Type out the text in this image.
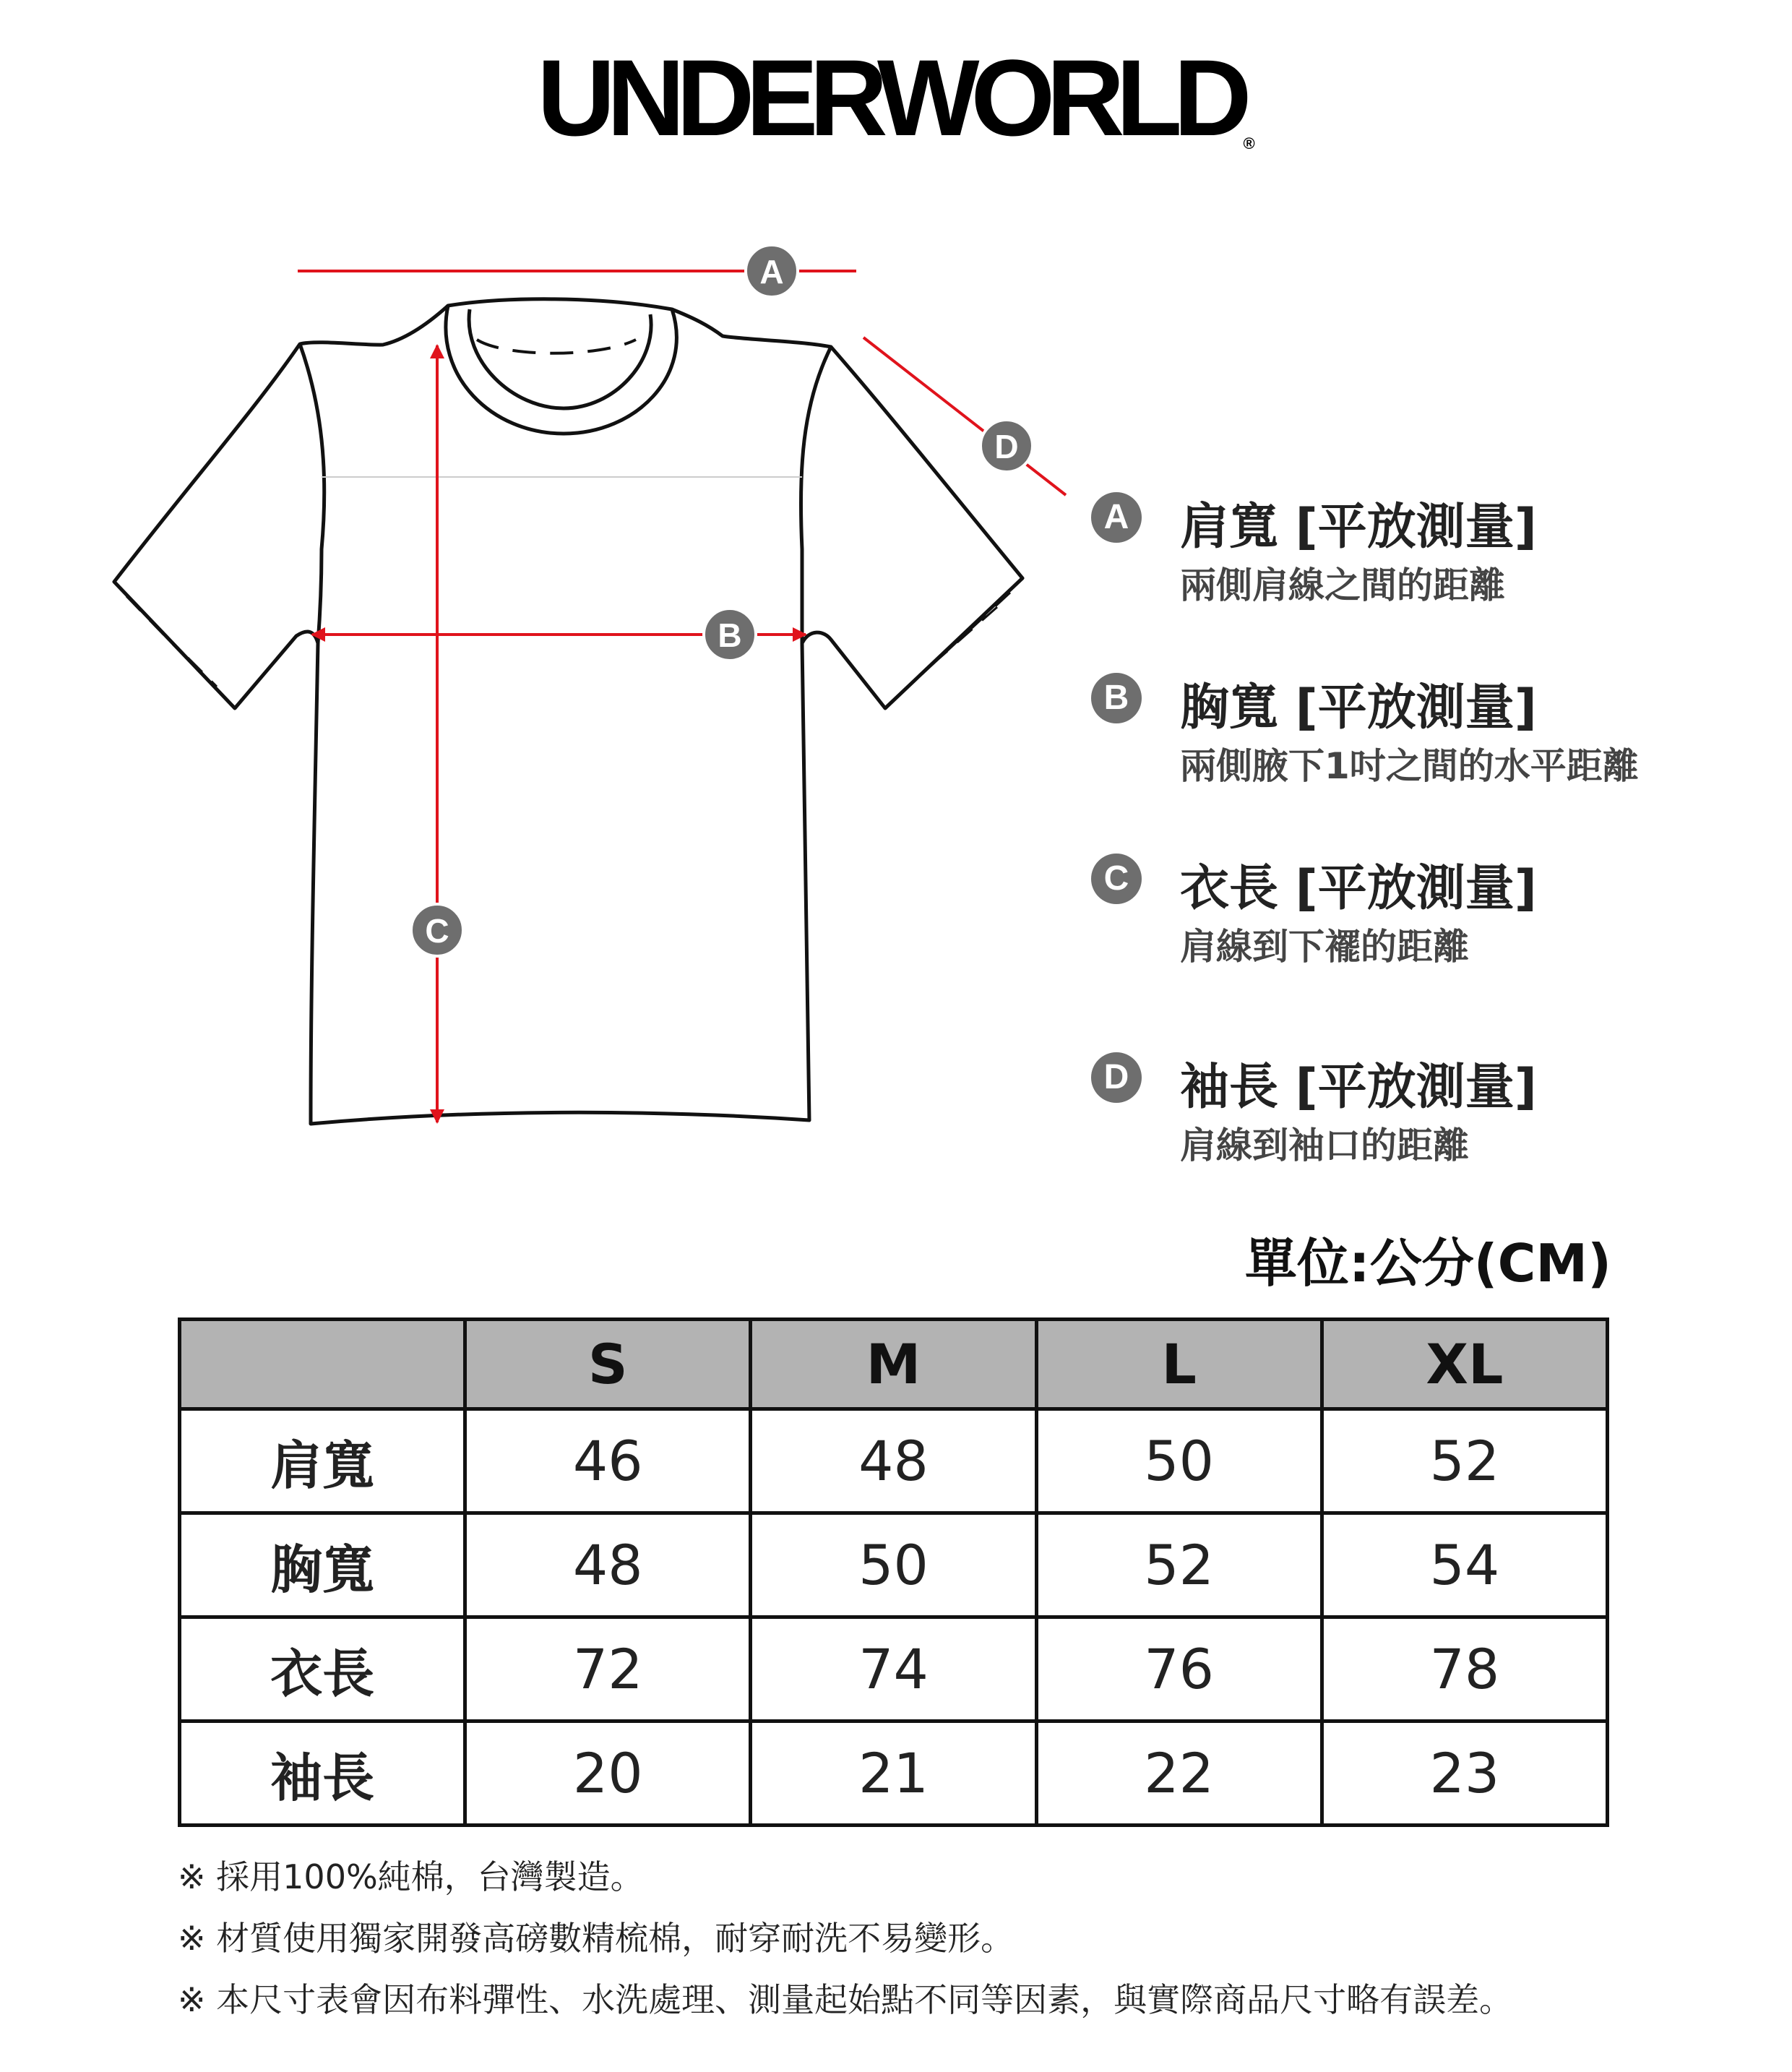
UNDERWORLD®
A
B
C
D
A 肩寬 [平放測量]
兩側肩線之間的距離
B 胸寬 [平放測量]
兩側腋下1吋之間的水平距離
C 衣長 [平放測量]
肩線到下襬的距離
D 袖長 [平放測量]
肩線到袖口的距離
單位:公分(CM)
	S	M	L	XL
肩寬	46	48	50	52
胸寬	48	50	52	54
衣長	72	74	76	78
袖長	20	21	22	23
※ 採用100%純棉，台灣製造。
※ 材質使用獨家開發高磅數精梳棉，耐穿耐洗不易變形。
※ 本尺寸表會因布料彈性、水洗處理、測量起始點不同等因素，與實際商品尺寸略有誤差。
